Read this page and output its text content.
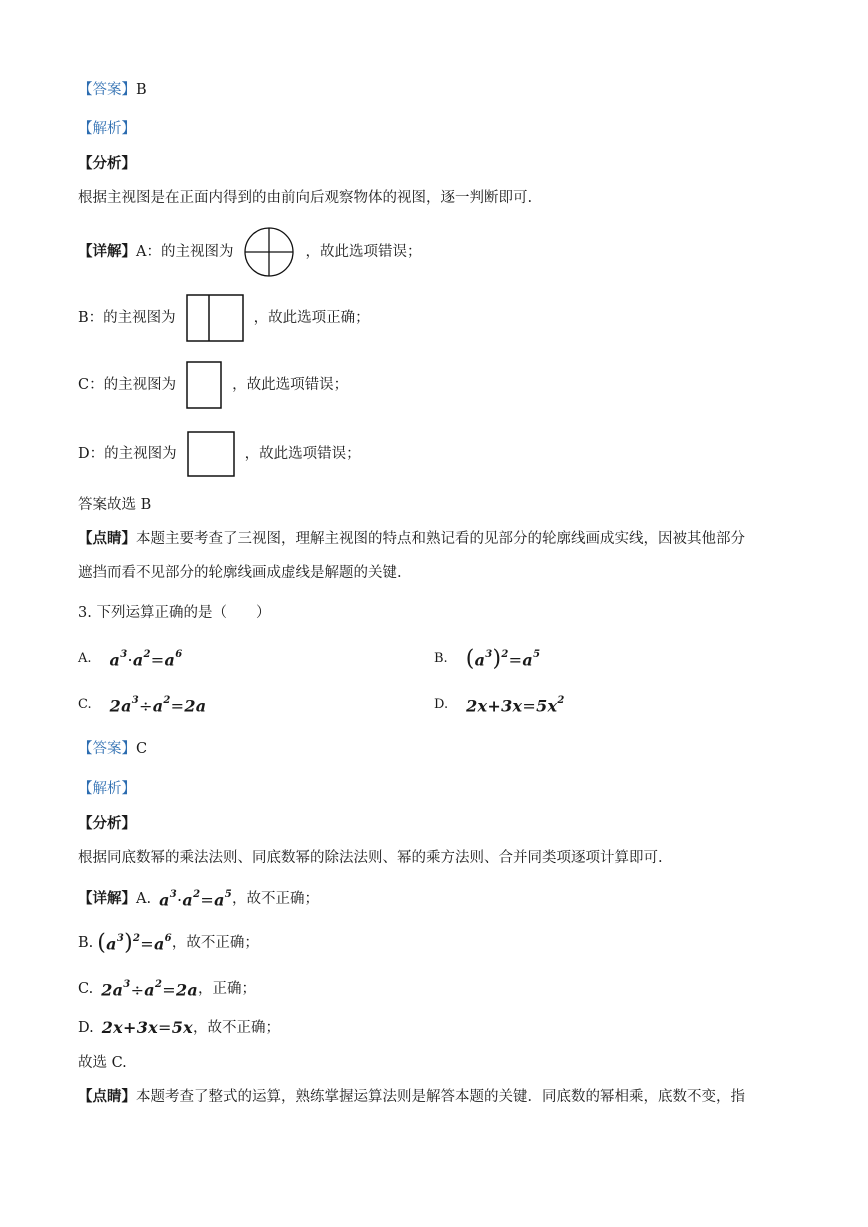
【答案】 B
【解析】
【分析】
根据主视图是在正面内得到的由前向后观察物体的视图，逐一判断即可.
【详解】 A：的主视图为	，故此选项错误；
B：的主视图为	，故此选项正确；
C：的主视图为	，故此选项错误；
D：的主视图为	，故此选项错误；
答案故选 B
【点睛】 本题主要考查了三视图，理解主视图的特点和熟记看的见部分的轮廓线画成实线，因被其他部分
遮挡而看不见部分的轮廓线画成虚线是解题的关键.
3. 下列运算正确的是（　　）
A. $a^3\cdot a^2=a^6$	B. $(a^3)^2=a^5$
C. $2a^3\div a^2=2a$	D. $2x+3x=5x^2$
【答案】 C
【解析】
【分析】
根据同底数幂的乘法法则、同底数幂的除法法则、幂的乘方法则、合并同类项逐项计算即可.
【详解】 A. $a^3\cdot a^2=a^5$ ，故不正确；
B. $(a^3)^2=a^6$ ，故不正确；
C. $2a^3\div a^2=2a$ ，正确；
D. 2x+3x=5x ，故不正确；
故选 C.
【点睛】 本题考查了整式的运算，熟练掌握运算法则是解答本题的关键．同底数的幂相乘，底数不变，指
